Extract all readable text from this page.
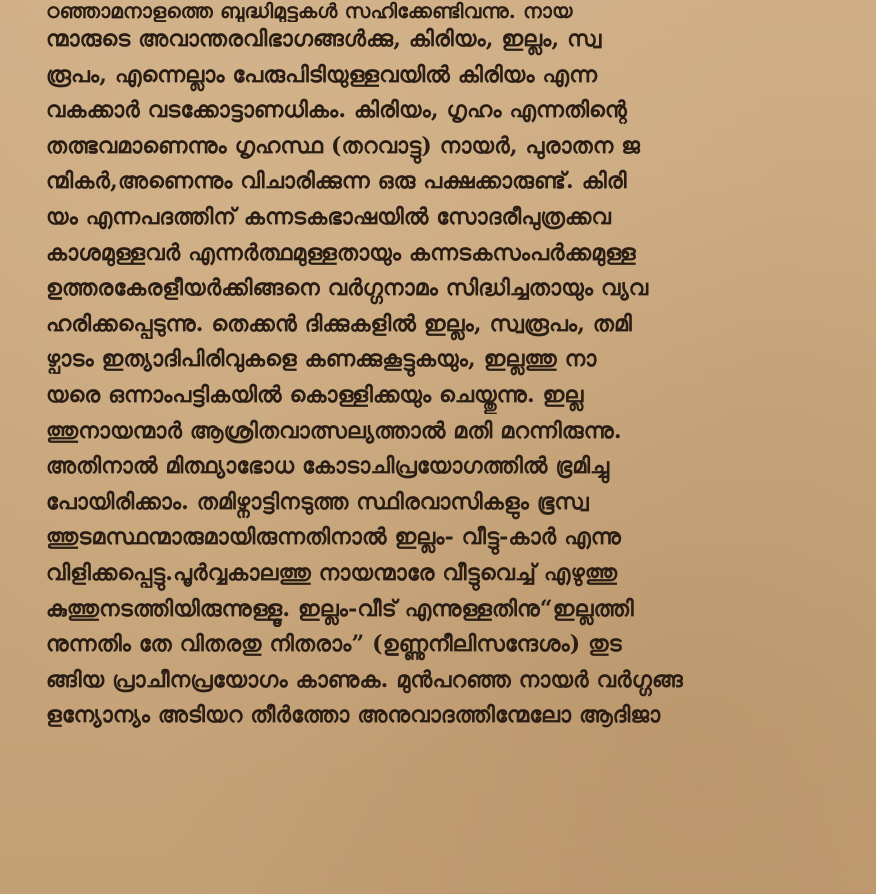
ഠഞ്ഞാമനാളത്തെ ബുദ്ധിമുട്ടുകൾ സഹിക്കേണ്ടിവന്നു. നായ
ന്മാരുടെ അവാന്തരവിഭാഗങ്ങൾക്കു, കിരിയം, ഇല്ലം, സ്വ
രൂപം, എന്നെല്ലാം പേരുപിടിയുള്ളവയിൽ കിരിയം എന്ന
വകക്കാർ വടക്കോട്ടാണധികം. കിരിയം, ഗൃഹം എന്നതിന്റെ
തത്ഭവമാണെന്നും ഗൃഹസ്ഥ (തറവാട്ടു) നായർ, പുരാതന ജ
ന്മികർ,അണെന്നും വിചാരിക്കുന്ന ഒരു പക്ഷക്കാരുണ്ട്. കിരി
യം എന്നപദത്തിന് കന്നടകഭാഷയിൽ സോദരീപുത്രക്കവ
കാശമുള്ളവർ എന്നർത്ഥമുള്ളതായും കന്നടകസംപർക്കമുള്ള
ഉത്തരകേരളീയർക്കിങ്ങനെ വർഗ്ഗനാമം സിദ്ധിച്ചതായും വ്യവ
ഹരിക്കപ്പെടുന്നു. തെക്കൻ ദിക്കുകളിൽ ഇല്ലം, സ്വരൂപം, തമി
ഴ്പാടം ഇത്യാദിപിരിവുകളെ കണക്കുകൂട്ടുകയും, ഇല്ലത്തു നാ
യരെ ഒന്നാംപട്ടികയിൽ കൊള്ളിക്കയും ചെയ്തുന്നു. ഇല്ല
ത്തുനായന്മാർ ആശ്രിതവാത്സല്യത്താൽ മതി മറന്നിരുന്നു.
അതിനാൽ മിത്ഥ്യാഭോധ കോടാചിപ്രയോഗത്തിൽ ഭ്രമിച്ചു
പോയിരിക്കാം. തമിഴ്നാട്ടിനടുത്ത സ്ഥിരവാസികളും ഭൂസ്വ
ത്തുടമസ്ഥന്മാരുമായിരുന്നതിനാൽ ഇല്ലം- വീട്ടു-കാർ എന്നു
വിളിക്കപ്പെട്ടു.പൂർവ്വകാലത്തു നായന്മാരേ വീട്ടുവെച്ച് എഴുത്തു
കുത്തുനടത്തിയിരുന്നുള്ളൂ. ഇല്ലം-വീട് എന്നുള്ളതിനു“ഇല്ലത്തി
നുന്നതിം തേ വിതരതു നിതരാം” (ഉണ്ണുനീലിസന്ദേശം) തുട
ങ്ങിയ പ്രാചീനപ്രയോഗം കാണുക. മുൻപറഞ്ഞ നായർ വർഗ്ഗങ്ങ
ളന്യോന്യം അടിയറ തീർത്തോ അനുവാദത്തിന്മേലോ ആദിജാ
